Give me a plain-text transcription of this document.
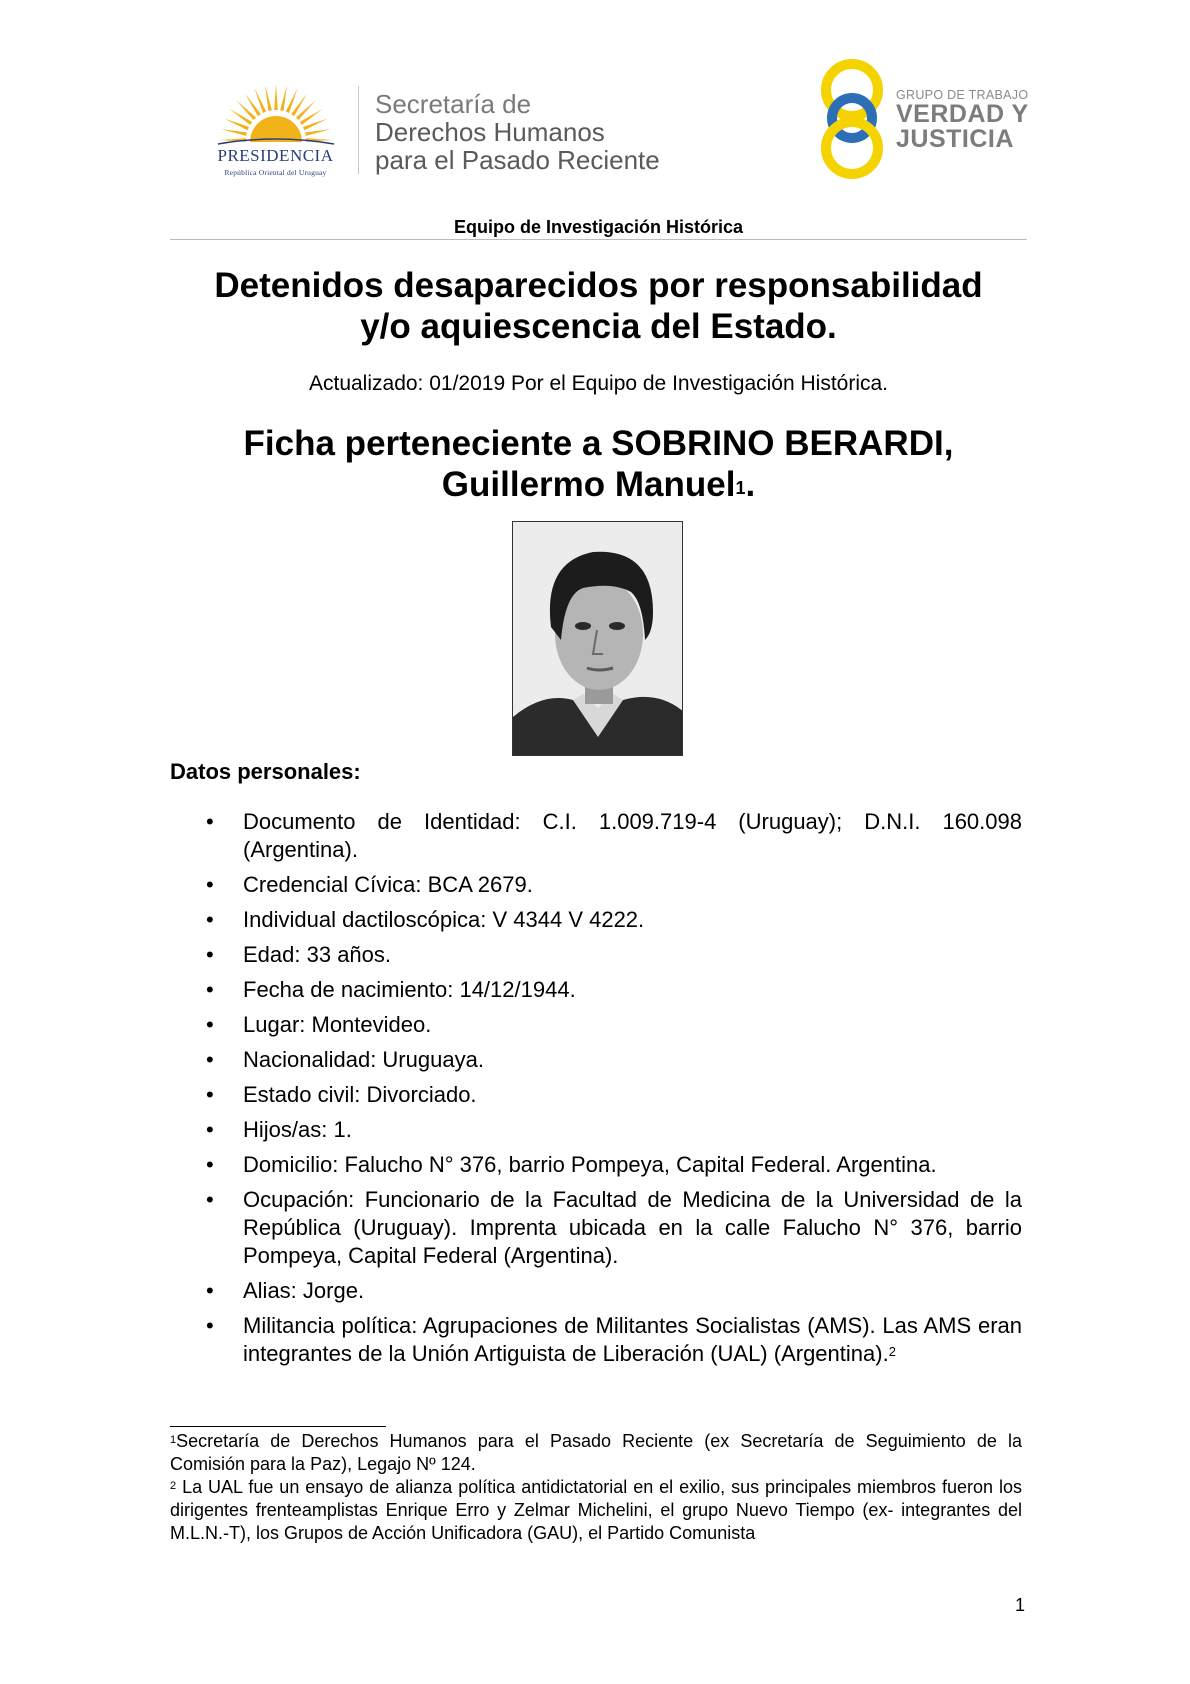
PRESIDENCIA
República Oriental del Uruguay
Secretaría de
Derechos Humanos
para el Pasado Reciente
GRUPO DE TRABAJO
VERDAD Y
JUSTICIA
Equipo de Investigación Histórica
Detenidos desaparecidos por responsabilidad
y/o aquiescencia del Estado.
Actualizado: 01/2019 Por el Equipo de Investigación Histórica.
Ficha perteneciente a SOBRINO BERARDI,
Guillermo Manuel$^1$.
Datos personales:
• Documento de Identidad: C.I. 1.009.719-4 (Uruguay); D.N.I. 160.098 (Argentina).
• Credencial Cívica: BCA 2679.
• Individual dactiloscópica: V 4344 V 4222.
• Edad: 33 años.
• Fecha de nacimiento: 14/12/1944.
• Lugar: Montevideo.
• Nacionalidad: Uruguaya.
• Estado civil: Divorciado.
• Hijos/as: 1.
• Domicilio: Falucho N° 376, barrio Pompeya, Capital Federal. Argentina.
• Ocupación: Funcionario de la Facultad de Medicina de la Universidad de la República (Uruguay). Imprenta ubicada en la calle Falucho N° 376, barrio Pompeya, Capital Federal (Argentina).
• Alias: Jorge.
• Militancia política: Agrupaciones de Militantes Socialistas (AMS). Las AMS eran integrantes de la Unión Artiguista de Liberación (UAL) (Argentina).$^2$

$^1$Secretaría de Derechos Humanos para el Pasado Reciente (ex Secretaría de Seguimiento de la Comisión para la Paz), Legajo Nº 124.

$^2$ La UAL fue un ensayo de alianza política antidictatorial en el exilio, sus principales miembros fueron los dirigentes frenteamplistas Enrique Erro y Zelmar Michelini, el grupo Nuevo Tiempo (ex- integrantes del M.L.N.-T), los Grupos de Acción Unificadora (GAU), el Partido Comunista

1
